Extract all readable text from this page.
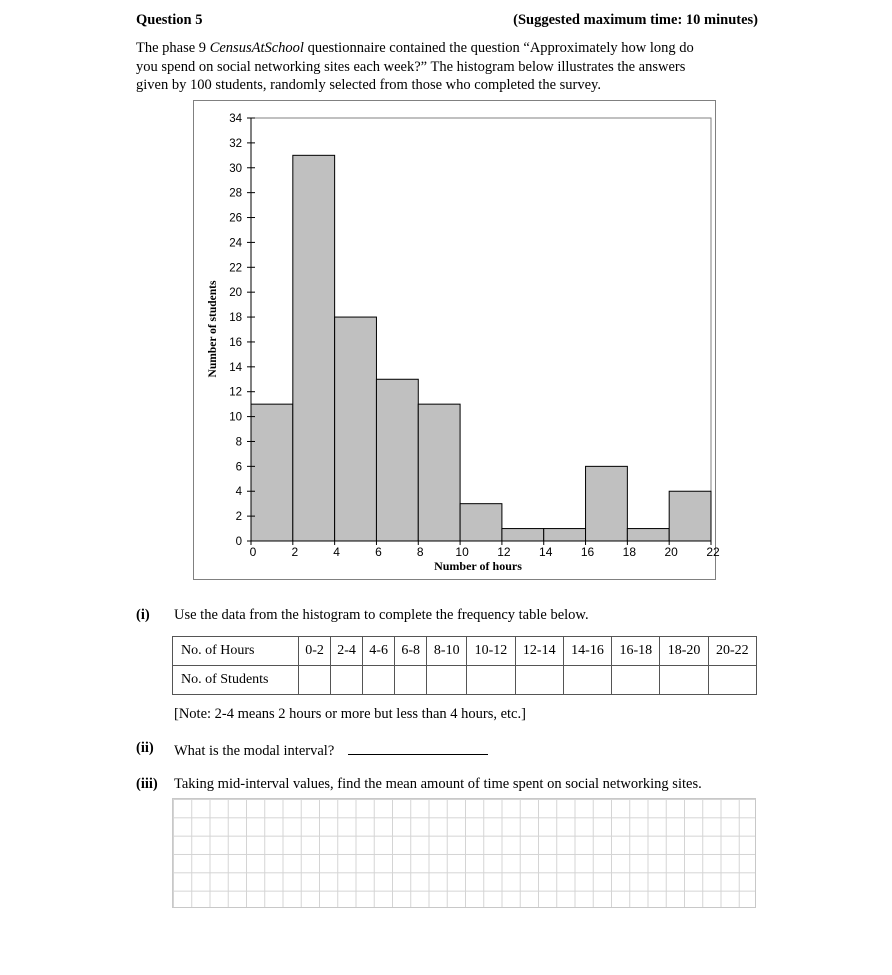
Question 5	(Suggested maximum time: 10 minutes)

The phase 9 CensusAtSchool questionnaire contained the question “Approximately how long do

you spend on social networking sites each week?” The histogram below illustrates the answers

given by 100 students, randomly selected from those who completed the survey.

0
2
4
6
8
10
12
14
16
18
20
22
24
26
28
30
32
34
0	2	4	6	8	10 12 14 16 18 20 22
Number of hours
Number of students
(i) Use the data from the histogram to complete the frequency table below.
No. of Hours	0-2	2-4	4-6	6-8	8-10	10-12	12-14	14-16	16-18	18-20	20-22
No. of Students											
[Note: 2-4 means 2 hours or more but less than 4 hours, etc.]
(ii) What is the modal interval?
(iii) Taking mid-interval values, find the mean amount of time spent on social networking sites.
